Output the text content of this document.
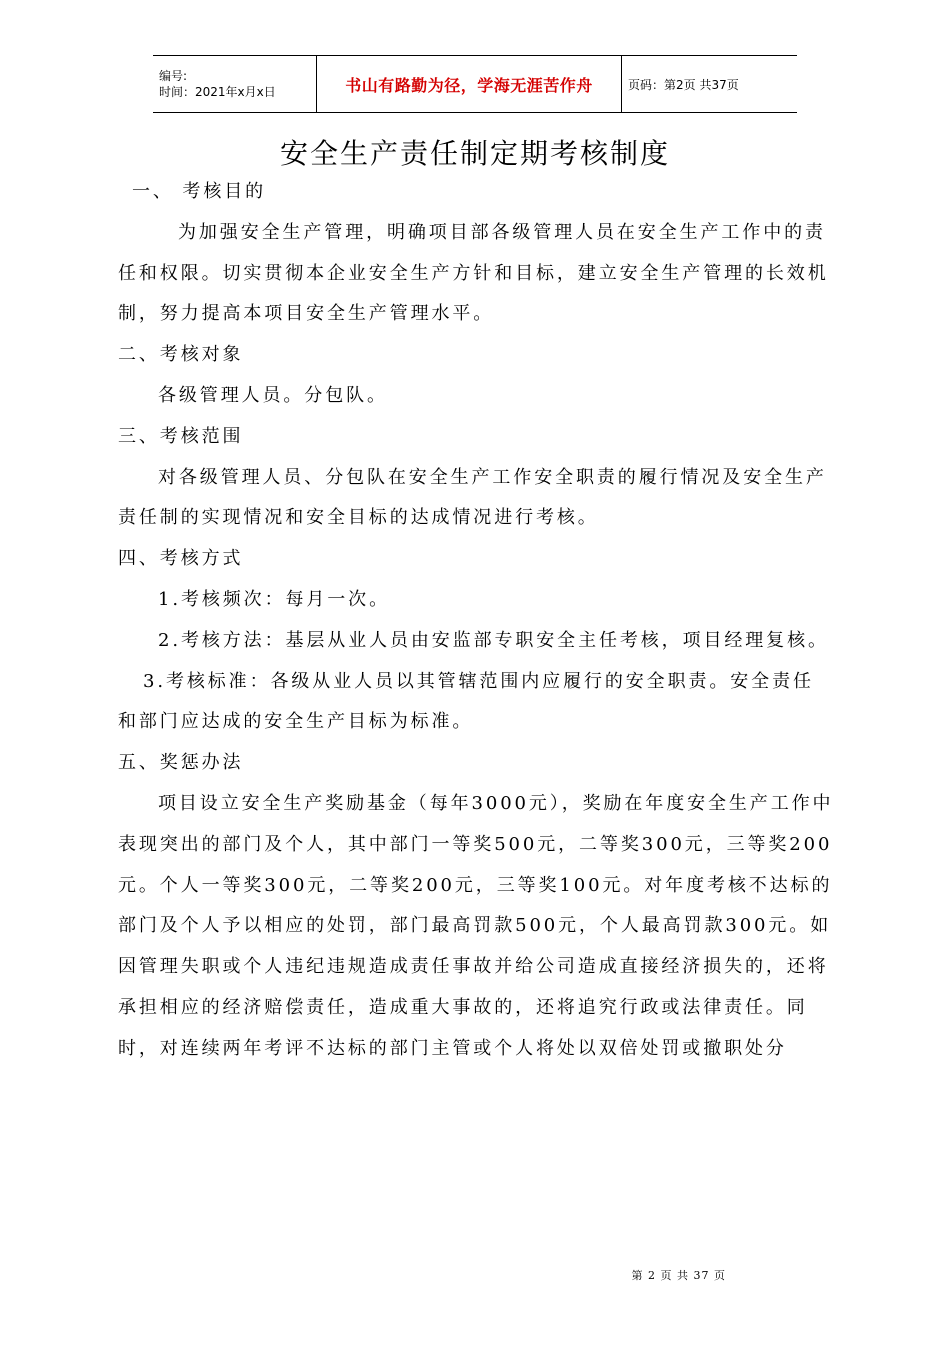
编号:
时间：2021年x月x日	书山有路勤为径，学海无涯苦作舟	页码：第2页 共37页
安全生产责任制定期考核制度

一、 考核目的

为加强安全生产管理，明确项目部各级管理人员在安全生产工作中的责任和权限。切实贯彻本企业安全生产方针和目标，建立安全生产管理的长效机制，努力提高本项目安全生产管理水平。

二、考核对象

各级管理人员。分包队。

三、考核范围

对各级管理人员、分包队在安全生产工作安全职责的履行情况及安全生产责任制的实现情况和安全目标的达成情况进行考核。

四、考核方式

1.考核频次：每月一次。

2.考核方法：基层从业人员由安监部专职安全主任考核，项目经理复核。

3.考核标准：各级从业人员以其管辖范围内应履行的安全职责。安全责任和部门应达成的安全生产目标为标准。

五、奖惩办法

项目设立安全生产奖励基金（每年3000元），奖励在年度安全生产工作中表现突出的部门及个人，其中部门一等奖500元，二等奖300元，三等奖200元。个人一等奖300元，二等奖200元，三等奖100元。对年度考核不达标的部门及个人予以相应的处罚，部门最高罚款500元，个人最高罚款300元。如因管理失职或个人违纪违规造成责任事故并给公司造成直接经济损失的，还将承担相应的经济赔偿责任，造成重大事故的，还将追究行政或法律责任。同时，对连续两年考评不达标的部门主管或个人将处以双倍处罚或撤职处分

第 2 页 共 37 页
